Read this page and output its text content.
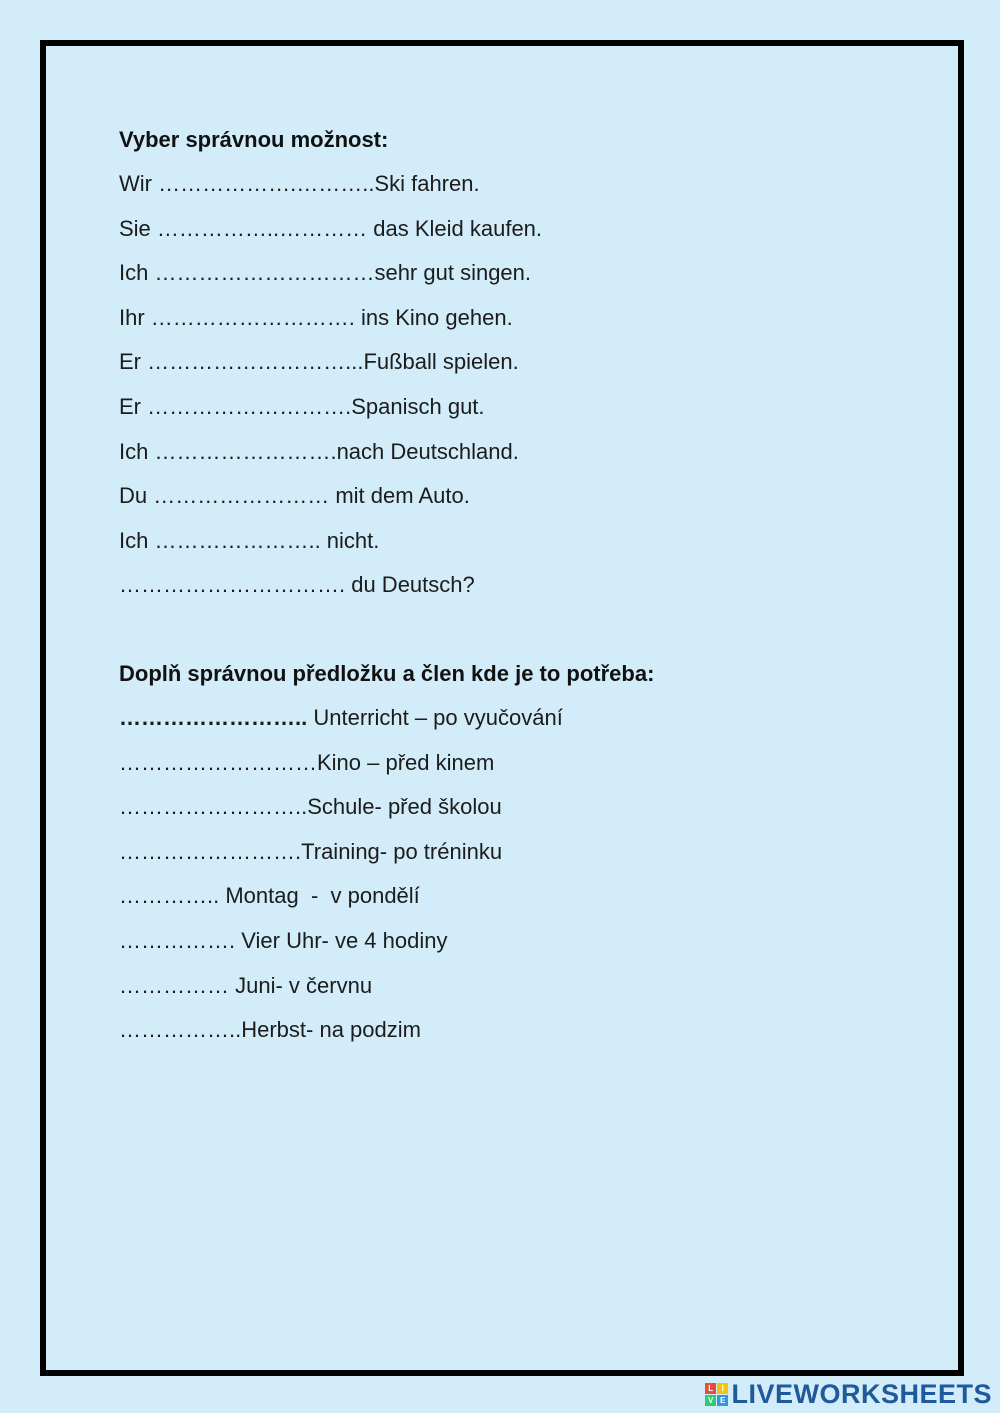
Vyber správnou možnost:
Wir ……………….………..Ski fahren.
Sie ……………..………… das Kleid kaufen.
Ich …………………………sehr gut singen.
Ihr ………………………. ins Kino gehen.
Er ………………………...Fußball spielen.
Er ……………………….Spanisch gut.
Ich …………………….nach Deutschland.
Du …………………… mit dem Auto.
Ich ………………….. nicht.
…………………………. du Deutsch?
Doplň správnou předložku a člen kde je to potřeba:
…………………….. Unterricht – po vyučování
………………………Kino – před kinem
……………………..Schule- před školou
…………………….Training- po tréninku
………….. Montag  -  v pondělí
……………. Vier Uhr- ve 4 hodiny
…………… Juni- v červnu
……………..Herbst- na podzim
L I
V E LIVEWORKSHEETS
